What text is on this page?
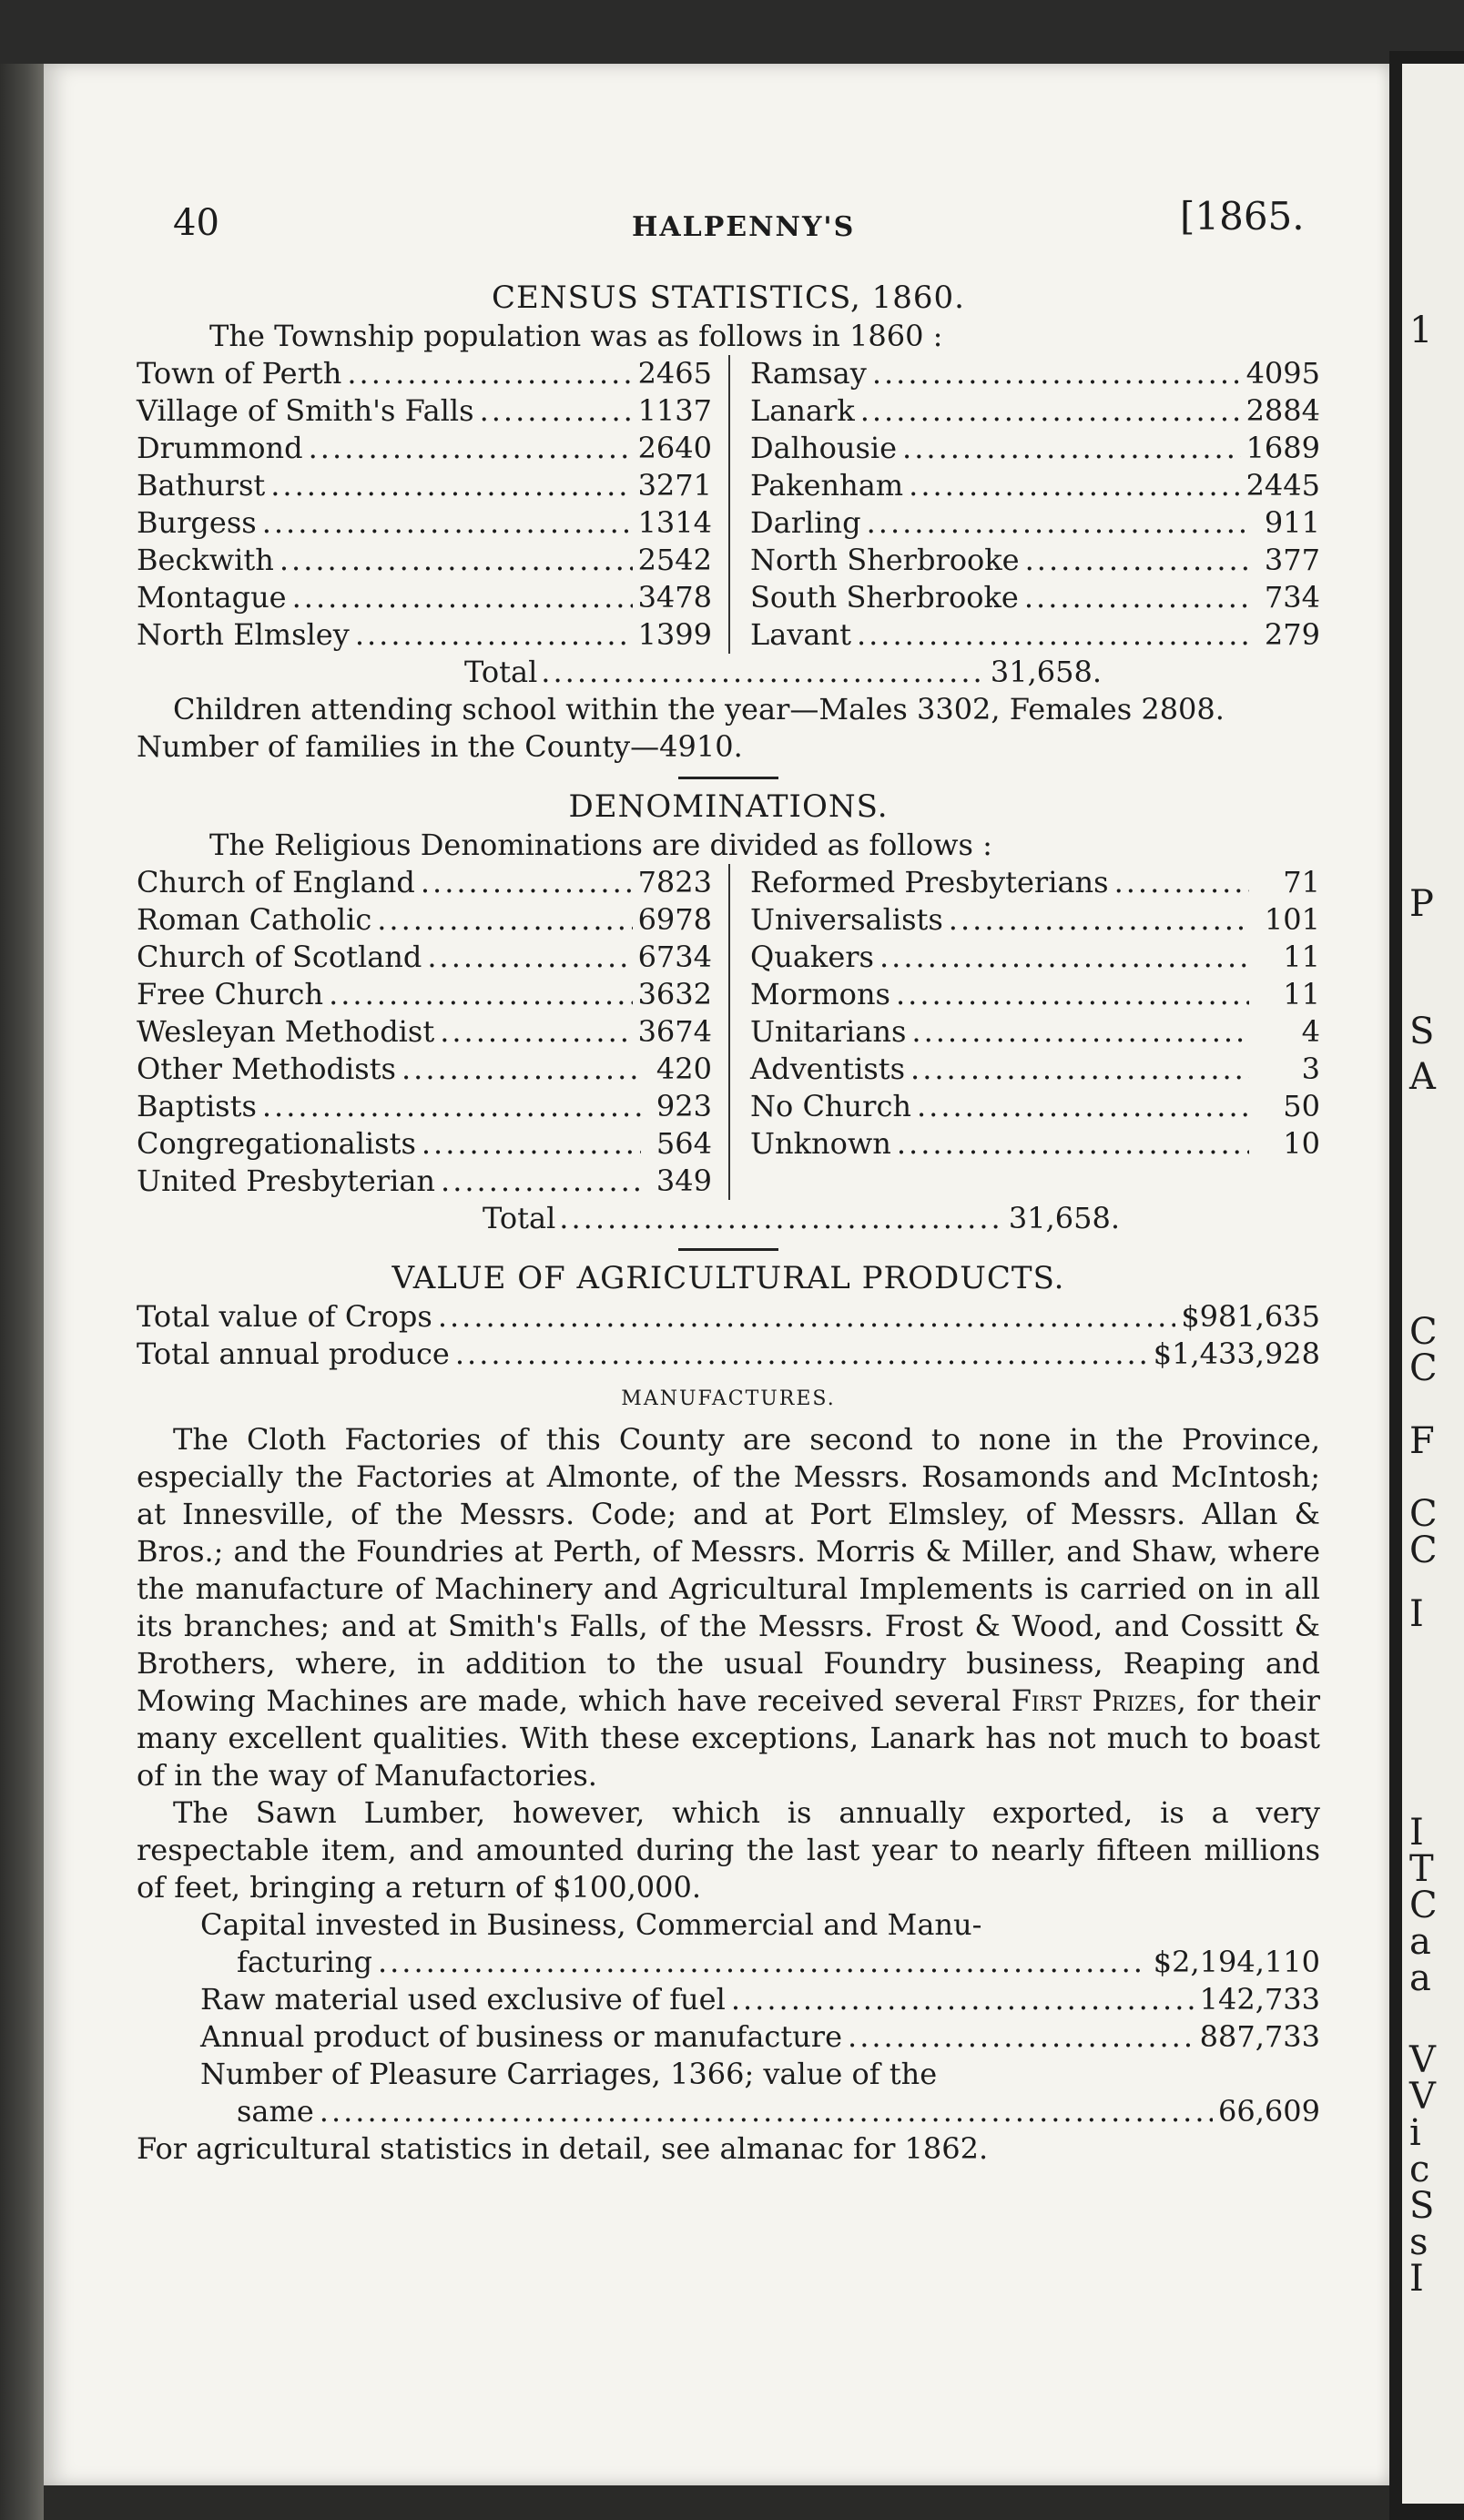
1
P
S
A
C
C
F
C
C
I
I
T
C
a
a
V
V
i
c
S
s
I
40	HALPENNY'S	[1865.
CENSUS STATISTICS, 1860.
The Township population was as follows in 1860 :
Town of Perth .....	2465
Village of Smith's Falls .....	1137
Drummond .....	2640
Bathurst .....	3271
Burgess .....	1314
Beckwith .....	2542
Montague .....	3478
North Elmsley .....	1399
Ramsay .....	4095
Lanark .....	2884
Dalhousie .....	1689
Pakenham .....	2445
Darling .....	911
North Sherbrooke .....	377
South Sherbrooke .....	734
Lavant .....	279
Total .....	31,658.
Children attending school within the year—Males 3302, Females 2808.
Number of families in the County—4910.
DENOMINATIONS.
The Religious Denominations are divided as follows :
Church of England .....	7823
Roman Catholic .....	6978
Church of Scotland .....	6734
Free Church .....	3632
Wesleyan Methodist .....	3674
Other Methodists .....	420
Baptists .....	923
Congregationalists .....	564
United Presbyterian .....	349
Reformed Presbyterians .....	71
Universalists .....	101
Quakers .....	11
Mormons .....	11
Unitarians .....	4
Adventists .....	3
No Church .....	50
Unknown .....	10
Total .....	31,658.
VALUE OF AGRICULTURAL PRODUCTS.
Total value of Crops .....	$981,635
Total annual produce .....	$1,433,928
MANUFACTURES.
The Cloth Factories of this County are second to none in the Province, especially the Factories at Almonte, of the Messrs. Rosamonds and McIntosh; at Innesville, of the Messrs. Code; and at Port Elmsley, of Messrs. Allan & Bros.; and the Foundries at Perth, of Messrs. Morris & Miller, and Shaw, where the manufacture of Machinery and Agricultural Implements is carried on in all its branches; and at Smith's Falls, of the Messrs. Frost & Wood, and Cossitt & Brothers, where, in addition to the usual Foundry business, Reaping and Mowing Machines are made, which have received several First Prizes, for their many excellent qualities. With these exceptions, Lanark has not much to boast of in the way of Manufactories.
The Sawn Lumber, however, which is annually exported, is a very respectable item, and amounted during the last year to nearly fifteen millions of feet, bringing a return of $100,000.
Capital invested in Business, Commercial and Manu-
facturing .....	$2,194,110
Raw material used exclusive of fuel .....	142,733
Annual product of business or manufacture .....	887,733
Number of Pleasure Carriages, 1366; value of the
same .....	66,609
For agricultural statistics in detail, see almanac for 1862.
